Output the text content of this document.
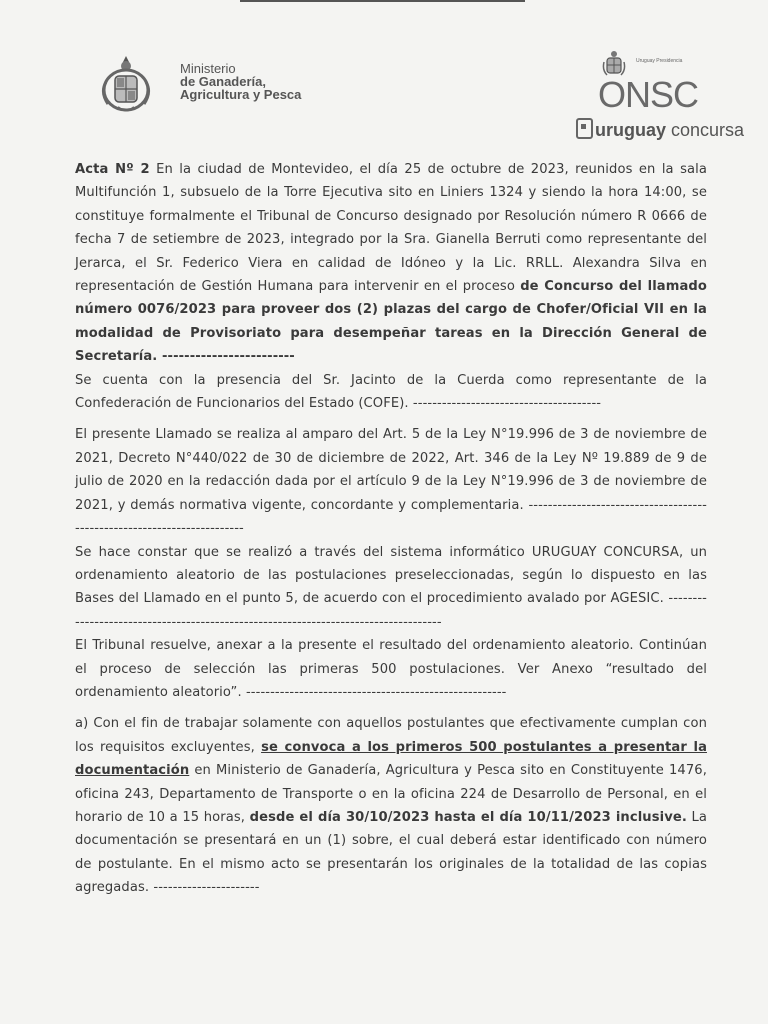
Ministerio
de Ganadería,
Agricultura y Pesca
Uruguay Presidencia
ONSC
uruguay concursa

Acta Nº 2 En la ciudad de Montevideo, el día 25 de octubre de 2023, reunidos en la sala Multifunción 1, subsuelo de la Torre Ejecutiva sito en Liniers 1324 y siendo la hora 14:00, se constituye formalmente el Tribunal de Concurso designado por Resolución número R 0666 de fecha 7 de setiembre de 2023, integrado por la Sra. Gianella Berruti como representante del Jerarca, el Sr. Federico Viera en calidad de Idóneo y la Lic. RRLL. Alexandra Silva en representación de Gestión Humana para intervenir en el proceso de Concurso del llamado número 0076/2023 para proveer dos (2) plazas del cargo de Chofer/Oficial VII en la modalidad de Provisoriato para desempeñar tareas en la Dirección General de Secretaría. ------------------------

Se cuenta con la presencia del Sr. Jacinto de la Cuerda como representante de la Confederación de Funcionarios del Estado (COFE). ---------------------------------------

El presente Llamado se realiza al amparo del Art. 5 de la Ley N°19.996 de 3 de noviembre de 2021, Decreto N°440/022 de 30 de diciembre de 2022, Art. 346 de la Ley Nº 19.889 de 9 de julio de 2020 en la redacción dada por el artículo 9 de la Ley N°19.996 de 3 de noviembre de 2021, y demás normativa vigente, concordante y complementaria. ------------------------------------------------------------------------

Se hace constar que se realizó a través del sistema informático URUGUAY CONCURSA, un ordenamiento aleatorio de las postulaciones preseleccionadas, según lo dispuesto en las Bases del Llamado en el punto 5, de acuerdo con el procedimiento avalado por AGESIC. ------------------------------------------------------------------------------------

El Tribunal resuelve, anexar a la presente el resultado del ordenamiento aleatorio. Continúan el proceso de selección las primeras 500 postulaciones. Ver Anexo “resultado del ordenamiento aleatorio”. ------------------------------------------------------

a) Con el fin de trabajar solamente con aquellos postulantes que efectivamente cumplan con los requisitos excluyentes, se convoca a los primeros 500 postulantes a presentar la documentación en Ministerio de Ganadería, Agricultura y Pesca sito en Constituyente 1476, oficina 243, Departamento de Transporte o en la oficina 224 de Desarrollo de Personal, en el horario de 10 a 15 horas, desde el día 30/10/2023 hasta el día 10/11/2023 inclusive. La documentación se presentará en un (1) sobre, el cual deberá estar identificado con número de postulante. En el mismo acto se presentarán los originales de la totalidad de las copias agregadas. ----------------------
